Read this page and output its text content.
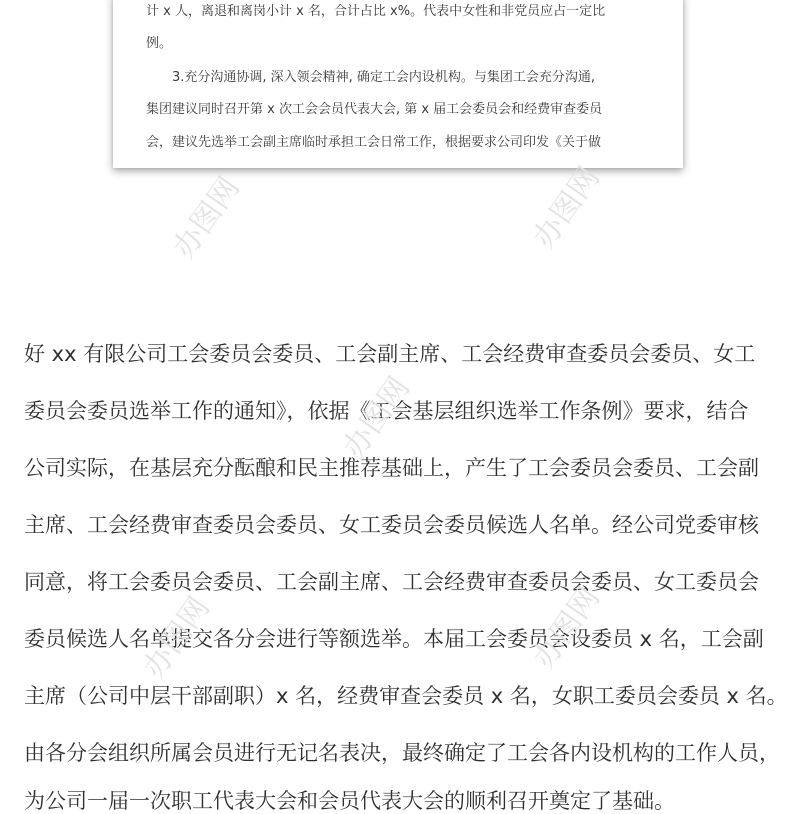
计 x 人，离退和离岗小计 x 名，合计占比 x%。代表中女性和非党员应占一定比
例。
3.充分沟通协调, 深入领会精神, 确定工会内设机构。与集团工会充分沟通,
集团建议同时召开第 x 次工会会员代表大会, 第 x 届工会委员会和经费审查委员
会，建议先选举工会副主席临时承担工会日常工作，根据要求公司印发《关于做
好 xx 有限公司工会委员会委员、工会副主席、工会经费审查委员会委员、女工
委员会委员选举工作的通知》，依据《工会基层组织选举工作条例》要求，结合
公司实际，在基层充分酝酿和民主推荐基础上，产生了工会委员会委员、工会副
主席、工会经费审查委员会委员、女工委员会委员候选人名单。经公司党委审核
同意，将工会委员会委员、工会副主席、工会经费审查委员会委员、女工委员会
委员候选人名单提交各分会进行等额选举。本届工会委员会设委员 x 名，工会副
主席（公司中层干部副职）x 名，经费审查会委员 x 名，女职工委员会委员 x 名。
由各分会组织所属会员进行无记名表决，最终确定了工会各内设机构的工作人员，
为公司一届一次职工代表大会和会员代表大会的顺利召开奠定了基础。
办图网	办图网
办图网
办图网	办图网
